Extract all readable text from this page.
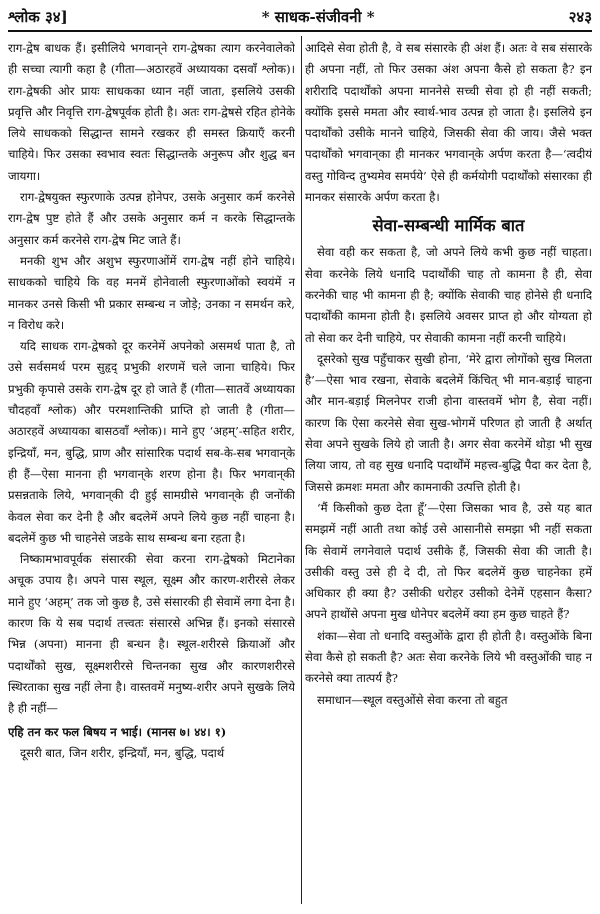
श्लोक ३४]	* साधक-संजीवनी *	२४३

राग-द्वेष बाधक हैं। इसीलिये भगवान्‌ने राग-द्वेषका त्याग करनेवालेको ही सच्चा त्यागी कहा है (गीता—अठारहवें अध्यायका दसवाँ श्लोक)। राग-द्वेषकी ओर प्रायः साधकका ध्यान नहीं जाता, इसलिये उसकी प्रवृत्ति और निवृत्ति राग-द्वेषपूर्वक होती है। अतः राग-द्वेषसे रहित होनेके लिये साधकको सिद्धान्त सामने रखकर ही समस्त क्रियाएँ करनी चाहिये। फिर उसका स्वभाव स्वतः सिद्धान्तके अनुरूप और शुद्ध बन जायगा।

राग-द्वेषयुक्त स्फुरणाके उत्पन्न होनेपर, उसके अनुसार कर्म करनेसे राग-द्वेष पुष्ट होते हैं और उसके अनुसार कर्म न करके सिद्धान्तके अनुसार कर्म करनेसे राग-द्वेष मिट जाते हैं।

मनकी शुभ और अशुभ स्फुरणाओंमें राग-द्वेष नहीं होने चाहिये। साधकको चाहिये कि वह मनमें होनेवाली स्फुरणाओंको स्वयंमें न मानकर उनसे किसी भी प्रकार सम्बन्ध न जोड़े; उनका न समर्थन करे, न विरोध करे।

यदि साधक राग-द्वेषको दूर करनेमें अपनेको असमर्थ पाता है, तो उसे सर्वसमर्थ परम सुहृद् प्रभुकी शरणमें चले जाना चाहिये। फिर प्रभुकी कृपासे उसके राग-द्वेष दूर हो जाते हैं (गीता—सातवें अध्यायका चौदहवाँ श्लोक) और परमशान्तिकी प्राप्ति हो जाती है (गीता—अठारहवें अध्यायका बासठवाँ श्लोक)। माने हुए ‘अहम्’-सहित शरीर, इन्द्रियाँ, मन, बुद्धि, प्राण और सांसारिक पदार्थ सब-के-सब भगवान्‌के ही हैं—ऐसा मानना ही भगवान्‌के शरण होना है। फिर भगवान्‌की प्रसन्नताके लिये, भगवान्‌की दी हुई सामग्रीसे भगवान्‌के ही जनोंकी केवल सेवा कर देनी है और बदलेमें अपने लिये कुछ नहीं चाहना है। बदलेमें कुछ भी चाहनेसे जडके साथ सम्बन्ध बना रहता है।

निष्कामभावपूर्वक संसारकी सेवा करना राग-द्वेषको मिटानेका अचूक उपाय है। अपने पास स्थूल, सूक्ष्म और कारण-शरीरसे लेकर माने हुए ‘अहम्’ तक जो कुछ है, उसे संसारकी ही सेवामें लगा देना है। कारण कि ये सब पदार्थ तत्त्वतः संसारसे अभिन्न हैं। इनको संसारसे भिन्न (अपना) मानना ही बन्धन है। स्थूल-शरीरसे क्रियाओं और पदार्थोंको सुख, सूक्ष्मशरीरसे चिन्तनका सुख और कारणशरीरसे स्थिरताका सुख नहीं लेना है। वास्तवमें मनुष्य-शरीर अपने सुखके लिये है ही नहीं—

एहि तन कर फल बिषय न भाई। (मानस ७। ४४। १)

दूसरी बात, जिन शरीर, इन्द्रियाँ, मन, बुद्धि, पदार्थ

आदिसे सेवा होती है, वे सब संसारके ही अंश हैं। अतः वे सब संसारके ही अपना नहीं, तो फिर उसका अंश अपना कैसे हो सकता है? इन शरीरादि पदार्थोंको अपना माननेसे सच्ची सेवा हो ही नहीं सकती; क्योंकि इससे ममता और स्वार्थ-भाव उत्पन्न हो जाता है। इसलिये इन पदार्थोंको उसीके मानने चाहिये, जिसकी सेवा की जाय। जैसे भक्त पदार्थोंको भगवान्‌का ही मानकर भगवान्‌के अर्पण करता है—‘त्वदीयं वस्तु गोविन्द तुभ्यमेव समर्पये’ ऐसे ही कर्मयोगी पदार्थोंको संसारका ही मानकर संसारके अर्पण करता है।

सेवा-सम्बन्धी मार्मिक बात

सेवा वही कर सकता है, जो अपने लिये कभी कुछ नहीं चाहता। सेवा करनेके लिये धनादि पदार्थोंकी चाह तो कामना है ही, सेवा करनेकी चाह भी कामना ही है; क्योंकि सेवाकी चाह होनेसे ही धनादि पदार्थोंकी कामना होती है। इसलिये अवसर प्राप्त हो और योग्यता हो तो सेवा कर देनी चाहिये, पर सेवाकी कामना नहीं करनी चाहिये।

दूसरेको सुख पहुँचाकर सुखी होना, ‘मेरे द्वारा लोगोंको सुख मिलता है’—ऐसा भाव रखना, सेवाके बदलेमें किंचित् भी मान-बड़ाई चाहना और मान-बड़ाई मिलनेपर राजी होना वास्तवमें भोग है, सेवा नहीं। कारण कि ऐसा करनेसे सेवा सुख-भोगमें परिणत हो जाती है अर्थात् सेवा अपने सुखके लिये हो जाती है। अगर सेवा करनेमें थोड़ा भी सुख लिया जाय, तो वह सुख धनादि पदार्थोंमें महत्त्व-बुद्धि पैदा कर देता है, जिससे क्रमशः ममता और कामनाकी उत्पत्ति होती है।

‘मैं किसीको कुछ देता हूँ’—ऐसा जिसका भाव है, उसे यह बात समझमें नहीं आती तथा कोई उसे आसानीसे समझा भी नहीं सकता कि सेवामें लगनेवाले पदार्थ उसीके हैं, जिसकी सेवा की जाती है। उसीकी वस्तु उसे ही दे दी, तो फिर बदलेमें कुछ चाहनेका हमें अधिकार ही क्या है? उसीकी धरोहर उसीको देनेमें एहसान कैसा? अपने हाथोंसे अपना मुख धोनेपर बदलेमें क्या हम कुछ चाहते हैं?

शंका—सेवा तो धनादि वस्तुओंके द्वारा ही होती है। वस्तुओंके बिना सेवा कैसे हो सकती है? अतः सेवा करनेके लिये भी वस्तुओंकी चाह न करनेसे क्या तात्पर्य है?

समाधान—स्थूल वस्तुओंसे सेवा करना तो बहुत
